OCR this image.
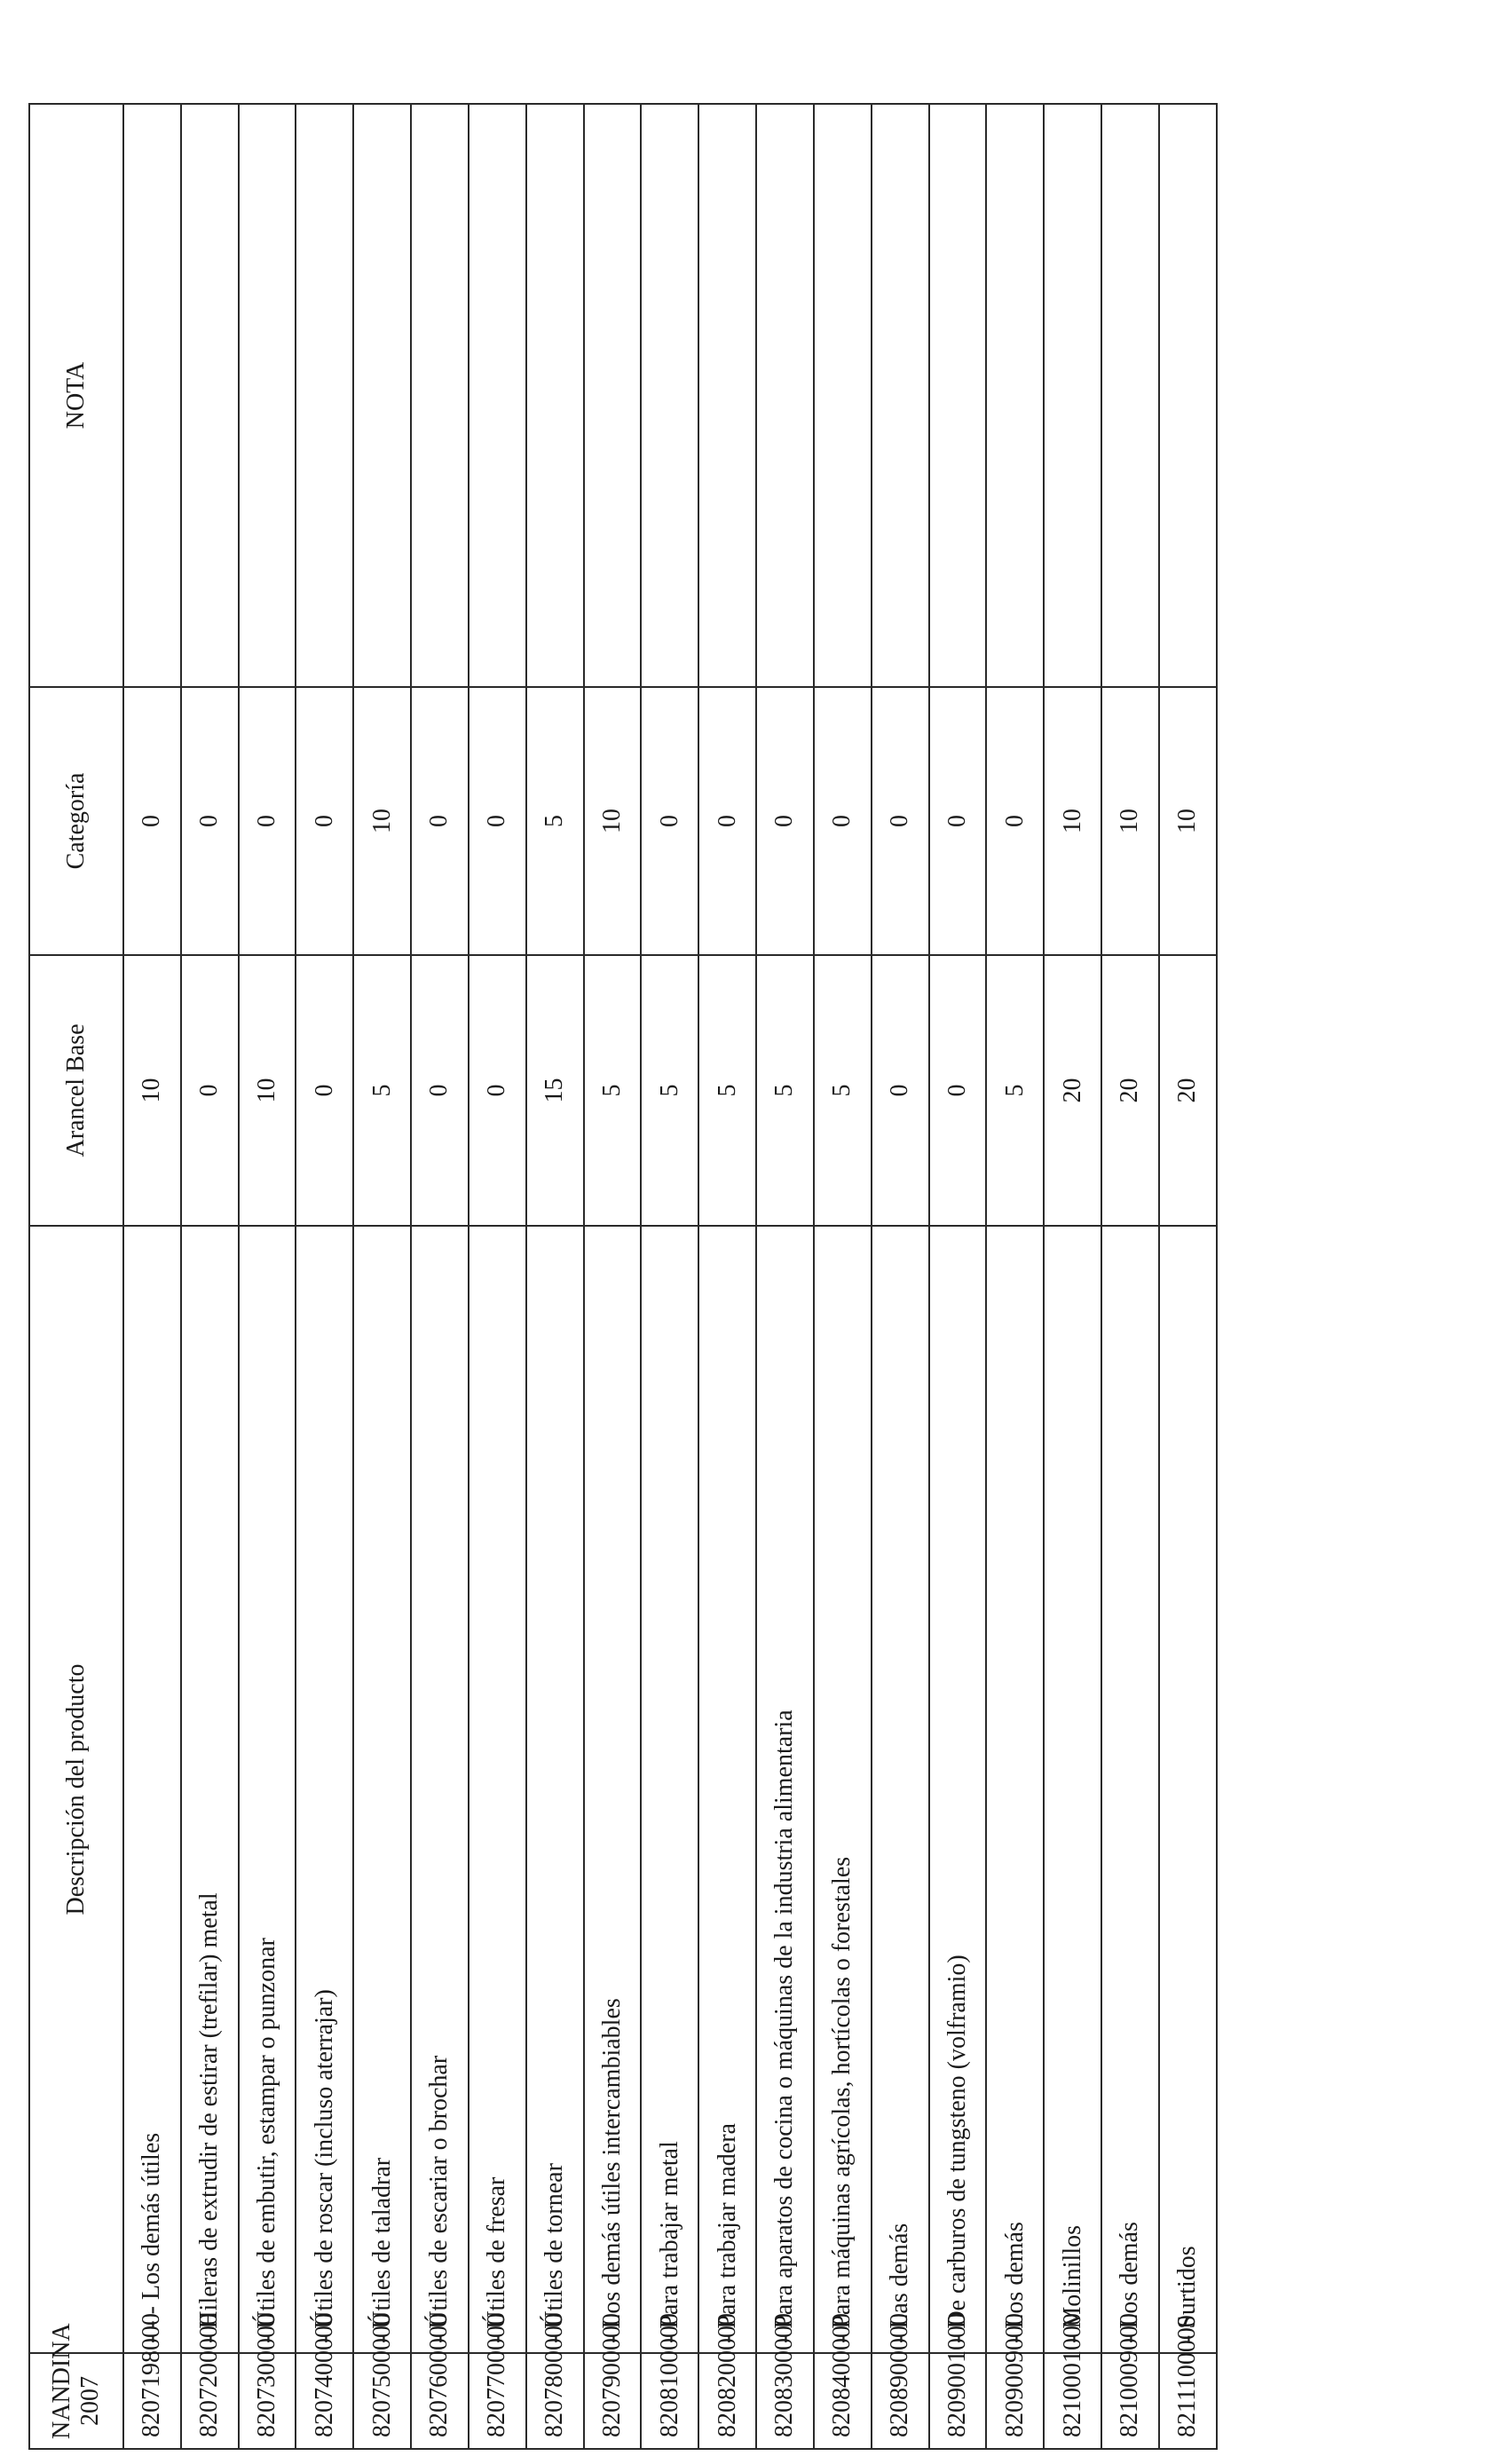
NANDINA 2007	Descripción del producto	Arancel Base	Categoría	NOTA
8207198000	- - - Los demás útiles	10	0	
8207200000	- Hileras de extrudir de estirar (trefilar) metal	0	0	
8207300000	- Útiles de embutir, estampar o punzonar	10	0	
8207400000	- Útiles de roscar (incluso aterrajar)	0	0	
8207500000	- Útiles de taladrar	5	10	
8207600000	- Útiles de escariar o brochar	0	0	
8207700000	- Útiles de fresar	0	0	
8207800000	- Útiles de tornear	15	5	
8207900000	- Los demás útiles intercambiables	5	10	
8208100000	- Para trabajar metal	5	0	
8208200000	- Para trabajar madera	5	0	
8208300000	- Para aparatos de cocina o máquinas de la industria alimentaria	5	0	
8208400000	- Para máquinas agrícolas, hortícolas o forestales	5	0	
8208900000	- Las demás	0	0	
8209001000	- De carburos de tungsteno (volframio)	0	0	
8209009000	- Los demás	5	0	
8210001000	- Molinillos	20	10	
8210009000	- Los demás	20	10	
8211100000	- Surtidos	20	10	
